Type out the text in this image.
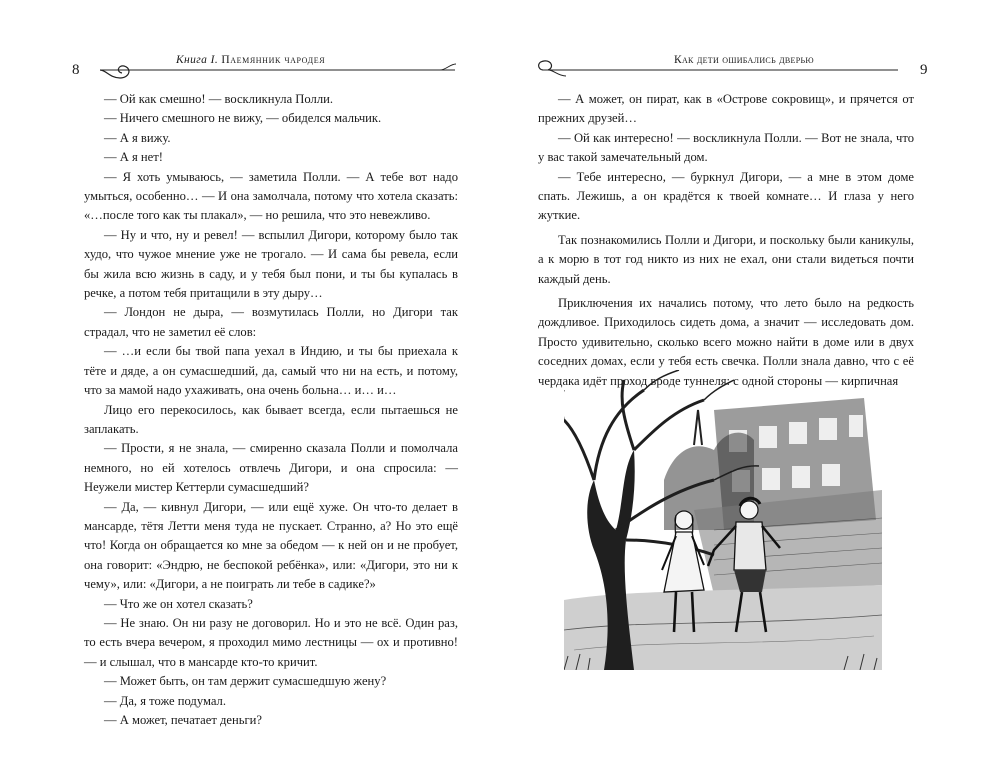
8
Книга I. Паемянник чародея

— Ой как смешно! — воскликнула Полли.

— Ничего смешного не вижу, — обиделся мальчик.

— А я вижу.

— А я нет!

— Я хоть умываюсь, — заметила Полли. — А тебе вот надо умыться, особенно… — И она замолчала, потому что хотела сказать: «…после того как ты плакал», — но решила, что это невежливо.

— Ну и что, ну и ревел! — вспылил Дигори, которому было так худо, что чужое мнение уже не трогало. — И сама бы ревела, если бы жила всю жизнь в саду, и у тебя был пони, и ты бы купалась в речке, а потом тебя притащили в эту дыру…

— Лондон не дыра, — возмутилась Полли, но Дигори так страдал, что не заметил её слов:

— …и если бы твой папа уехал в Индию, и ты бы приехала к тёте и дяде, а он сумасшедший, да, самый что ни на есть, и потому, что за мамой надо ухаживать, она очень больна… и… и…

Лицо его перекосилось, как бывает всегда, если пытаешься не заплакать.

— Прости, я не знала, — смиренно сказала Полли и помолчала немного, но ей хотелось отвлечь Дигори, и она спросила: — Неужели мистер Кеттерли сумасшедший?

— Да, — кивнул Дигори, — или ещё хуже. Он что-то делает в мансарде, тётя Летти меня туда не пускает. Странно, а? Но это ещё что! Когда он обращается ко мне за обедом — к ней он и не пробует, она говорит: «Эндрю, не беспокой ребёнка», или: «Дигори, это ни к чему», или: «Дигори, а не поиграть ли тебе в садике?»

— Что же он хотел сказать?

— Не знаю. Он ни разу не договорил. Но и это не всё. Один раз, то есть вчера вечером, я проходил мимо лестницы — ох и противно! — и слышал, что в мансарде кто-то кричит.

— Может быть, он там держит сумасшедшую жену?

— Да, я тоже подумал.

— А может, печатает деньги?

9
Как дети ошибались дверью

— А может, он пират, как в «Острове сокровищ», и прячется от прежних друзей…

— Ой как интересно! — воскликнула Полли. — Вот не знала, что у вас такой замечательный дом.

— Тебе интересно, — буркнул Дигори, — а мне в этом доме спать. Лежишь, а он крадётся к твоей комнате… И глаза у него жуткие.

Так познакомились Полли и Дигори, и поскольку были каникулы, а к морю в тот год никто из них не ехал, они стали видеться почти каждый день.

Приключения их начались потому, что лето было на редкость дождливое. Приходилось сидеть дома, а значит — исследовать дом. Просто удивительно, сколько всего можно найти в доме или в двух соседних домах, если у тебя есть свечка. Полли знала давно, что с её чердака идёт проход вроде туннеля: с одной стороны — кирпичная
